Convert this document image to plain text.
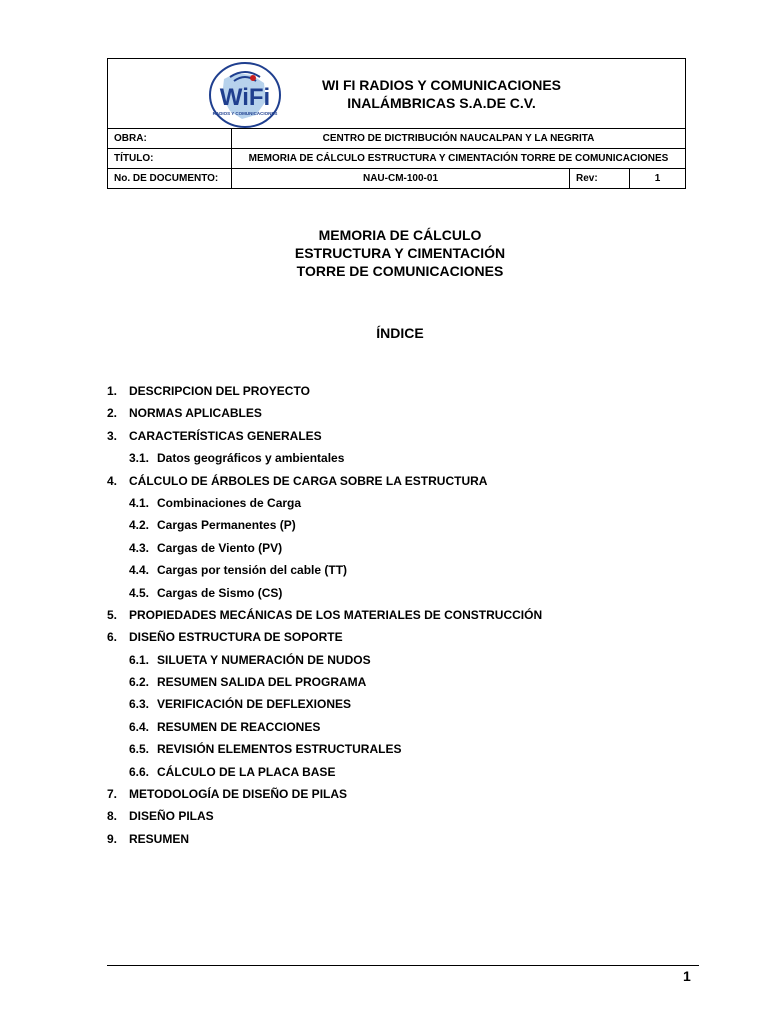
WiFi
RADIOS Y COMUNICACIONES
WI FI RADIOS Y COMUNICACIONES
INALÁMBRICAS S.A.DE C.V.			

OBRA:	CENTRO DE DICTRIBUCIÓN NAUCALPAN Y LA NEGRITA		
TÍTULO:	MEMORIA DE CÁLCULO ESTRUCTURA Y CIMENTACIÓN TORRE DE COMUNICACIONES		
No. DE DOCUMENTO:	NAU-CM-100-01	Rev:	1
MEMORIA DE CÁLCULO
ESTRUCTURA Y CIMENTACIÓN
TORRE DE COMUNICACIONES
ÍNDICE
1. DESCRIPCION DEL PROYECTO
2. NORMAS APLICABLES
3. CARACTERÍSTICAS GENERALES
3.1. Datos geográficos y ambientales
4. CÁLCULO DE ÁRBOLES DE CARGA SOBRE LA ESTRUCTURA
4.1. Combinaciones de Carga
4.2. Cargas Permanentes (P)
4.3. Cargas de Viento (PV)
4.4. Cargas por tensión del cable (TT)
4.5. Cargas de Sismo (CS)
5. PROPIEDADES MECÁNICAS DE LOS MATERIALES DE CONSTRUCCIÓN
6. DISEÑO ESTRUCTURA DE SOPORTE
6.1. SILUETA Y NUMERACIÓN DE NUDOS
6.2. RESUMEN SALIDA DEL PROGRAMA
6.3. VERIFICACIÓN DE DEFLEXIONES
6.4. RESUMEN DE REACCIONES
6.5. REVISIÓN ELEMENTOS ESTRUCTURALES
6.6. CÁLCULO DE LA PLACA BASE
7. METODOLOGÍA DE DISEÑO DE PILAS
8. DISEÑO PILAS
9. RESUMEN
1
